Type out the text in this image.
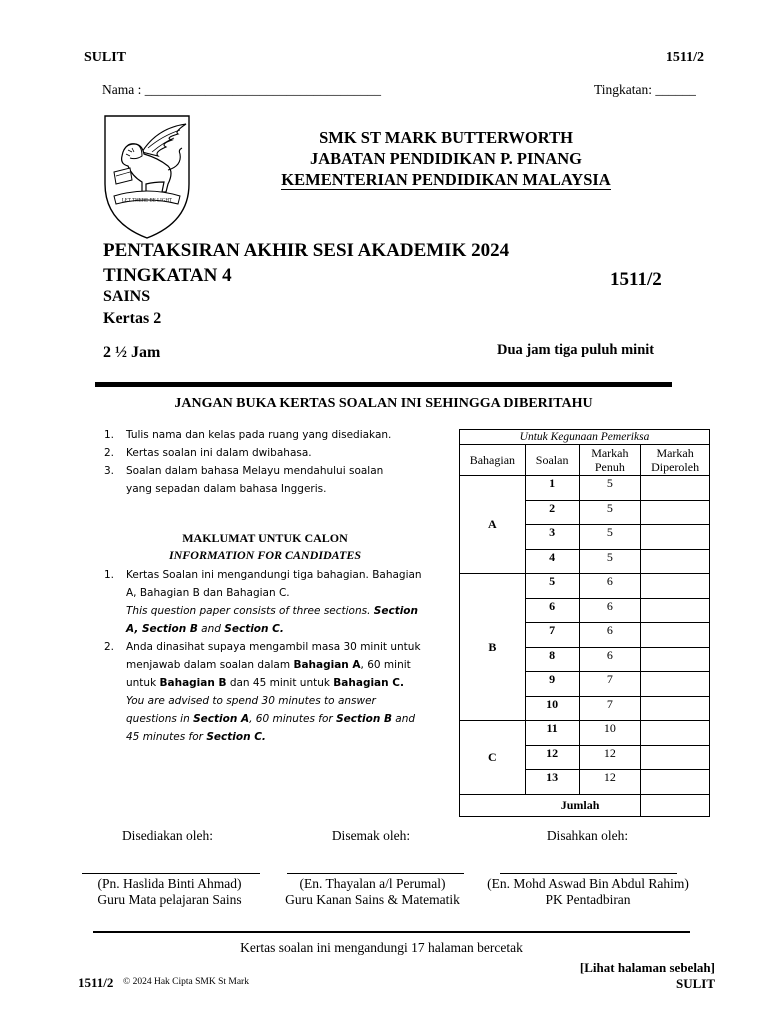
SULIT	1511/2
Nama : ___________________________________	Tingkatan: ______
LET THERE BE LIGHT
SMK ST MARK BUTTERWORTH
JABATAN PENDIDIKAN P. PINANG
KEMENTERIAN PENDIDIKAN MALAYSIA
PENTAKSIRAN AKHIR SESI AKADEMIK 2024
TINGKATAN 4	1511/2
SAINS
Kertas 2
2 ½ Jam	Dua jam tiga puluh minit
JANGAN BUKA KERTAS SOALAN INI SEHINGGA DIBERITAHU
1. Tulis nama dan kelas pada ruang yang disediakan.
2. Kertas soalan ini dalam dwibahasa.
3. Soalan dalam bahasa Melayu mendahului soalan yang sepadan dalam bahasa Inggeris.
MAKLUMAT UNTUK CALON
INFORMATION FOR CANDIDATES
1. Kertas Soalan ini mengandungi tiga bahagian. Bahagian A, Bahagian B dan Bahagian C.
This question paper consists of three sections. Section A, Section B and Section C.
2. Anda dinasihat supaya mengambil masa 30 minit untuk menjawab dalam soalan dalam Bahagian A, 60 minit untuk Bahagian B dan 45 minit untuk Bahagian C.
You are advised to spend 30 minutes to answer questions in Section A, 60 minutes for Section B and 45 minutes for Section C.
Untuk Kegunaan Pemeriksa			
Bahagian	Soalan	Markah Penuh	Markah Diperoleh
A	1	5	
	2	5	
	3	5	
	4	5	
B	5	6	
	6	6	
	7	6	
	8	6	
	9	7	
	10	7	
C	11	10	
	12	12	
	13	12	
Jumlah			
Disediakan oleh:	Disemak oleh:	Disahkan oleh:
(Pn. Haslida Binti Ahmad)
Guru Mata pelajaran Sains
(En. Thayalan a/l Perumal)
Guru Kanan Sains & Matematik
(En. Mohd Aswad Bin Abdul Rahim)
PK Pentadbiran
Kertas soalan ini mengandungi 17 halaman bercetak
[Lihat halaman sebelah]
1511/2 © 2024 Hak Cipta SMK St Mark	SULIT
